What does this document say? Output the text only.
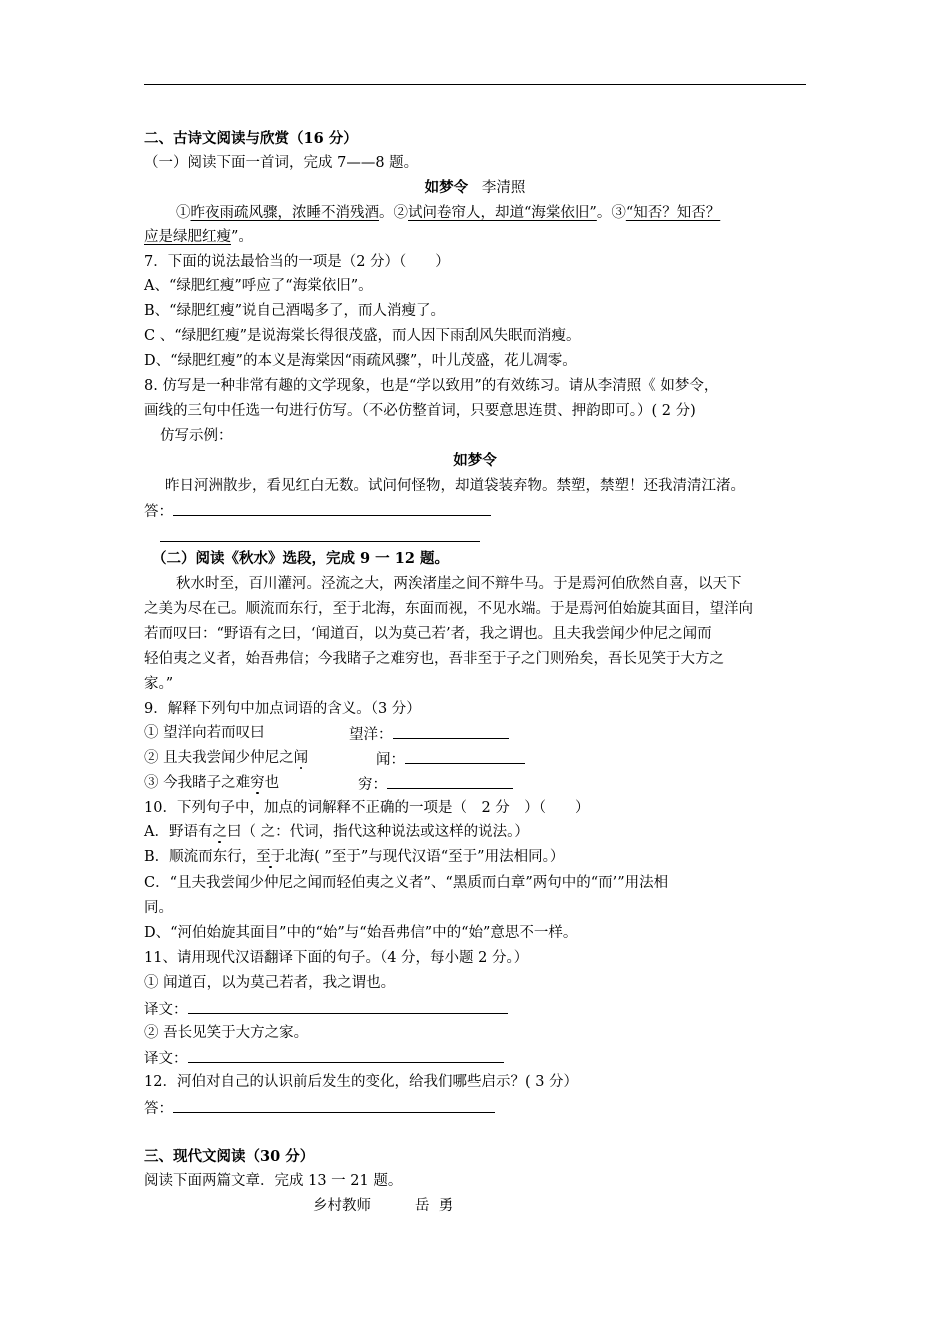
二、古诗文阅读与欣赏（16 分）
（一）阅读下面一首词，完成 7——8 题。
如梦令 李清照
①昨夜雨疏风骤，浓睡不消残酒。②试问卷帘人，却道“海棠依旧”。③“知否？知否？
应是绿肥红瘦”。
7．下面的说法最恰当的一项是（2 分）（　　）
A、“绿肥红瘦”呼应了“海棠依旧”。
B、“绿肥红瘦”说自己酒喝多了，而人消瘦了。
C 、“绿肥红瘦”是说海棠长得很茂盛，而人因下雨刮风失眠而消瘦。
D、“绿肥红瘦”的本义是海棠因“雨疏风骤”，叶儿茂盛，花儿凋零。
8. 仿写是一种非常有趣的文学现象，也是“学以致用”的有效练习。请从李清照《 如梦令，
画线的三句中任选一句进行仿写。（不必仿整首词，只要意思连贯、押韵即可。）( 2 分)
仿写示例：
如梦令
昨日河洲散步，看见红白无数。试问何怪物，却道袋装弃物。禁塑，禁塑！还我清清江渚。
答：
（二）阅读《秋水》选段，完成 9 一 12 题。
秋水时至，百川灌河。泾流之大，两涘渚崖之间不辩牛马。于是焉河伯欣然自喜，以天下
之美为尽在己。顺流而东行，至于北海，东面而视，不见水端。于是焉河伯始旋其面目，望洋向
若而叹曰：“野语有之曰，‘闻道百，以为莫己若’者，我之谓也。且夫我尝闻少仲尼之闻而
轻伯夷之义者，始吾弗信；今我睹子之难穷也，吾非至于子之门则殆矣，吾长见笑于大方之
家。”
9．解释下列句中加点词语的含义。（3 分）
① 望洋向若而叹曰	望洋：
② 且夫我尝闻少仲尼之闻	闻：
③ 今我睹子之难穷也	穷：
10．下列句子中，加点的词解释不正确的一项是（　2 分　）（　　）
A．野语有之曰（ 之：代词，指代这种说法或这样的说法。）
B．顺流而东行，至于北海( ”至于”与现代汉语“至于”用法相同。）
C．“且夫我尝闻少仲尼之闻而轻伯夷之义者”、“黑质而白章”两句中的“而’”用法相
同。
D、“河伯始旋其面目”中的“始”与“始吾弗信”中的“始”意思不一样。
11、请用现代汉语翻译下面的句子。（4 分，每小题 2 分。）
① 闻道百，以为莫己若者，我之谓也。
译文：
② 吾长见笑于大方之家。
译文：
12．河伯对自己的认识前后发生的变化，给我们哪些启示？( 3 分）
答：
三、现代文阅读（30 分）
阅读下面两篇文章．完成 13 一 21 题。
乡村教师	岳  勇
